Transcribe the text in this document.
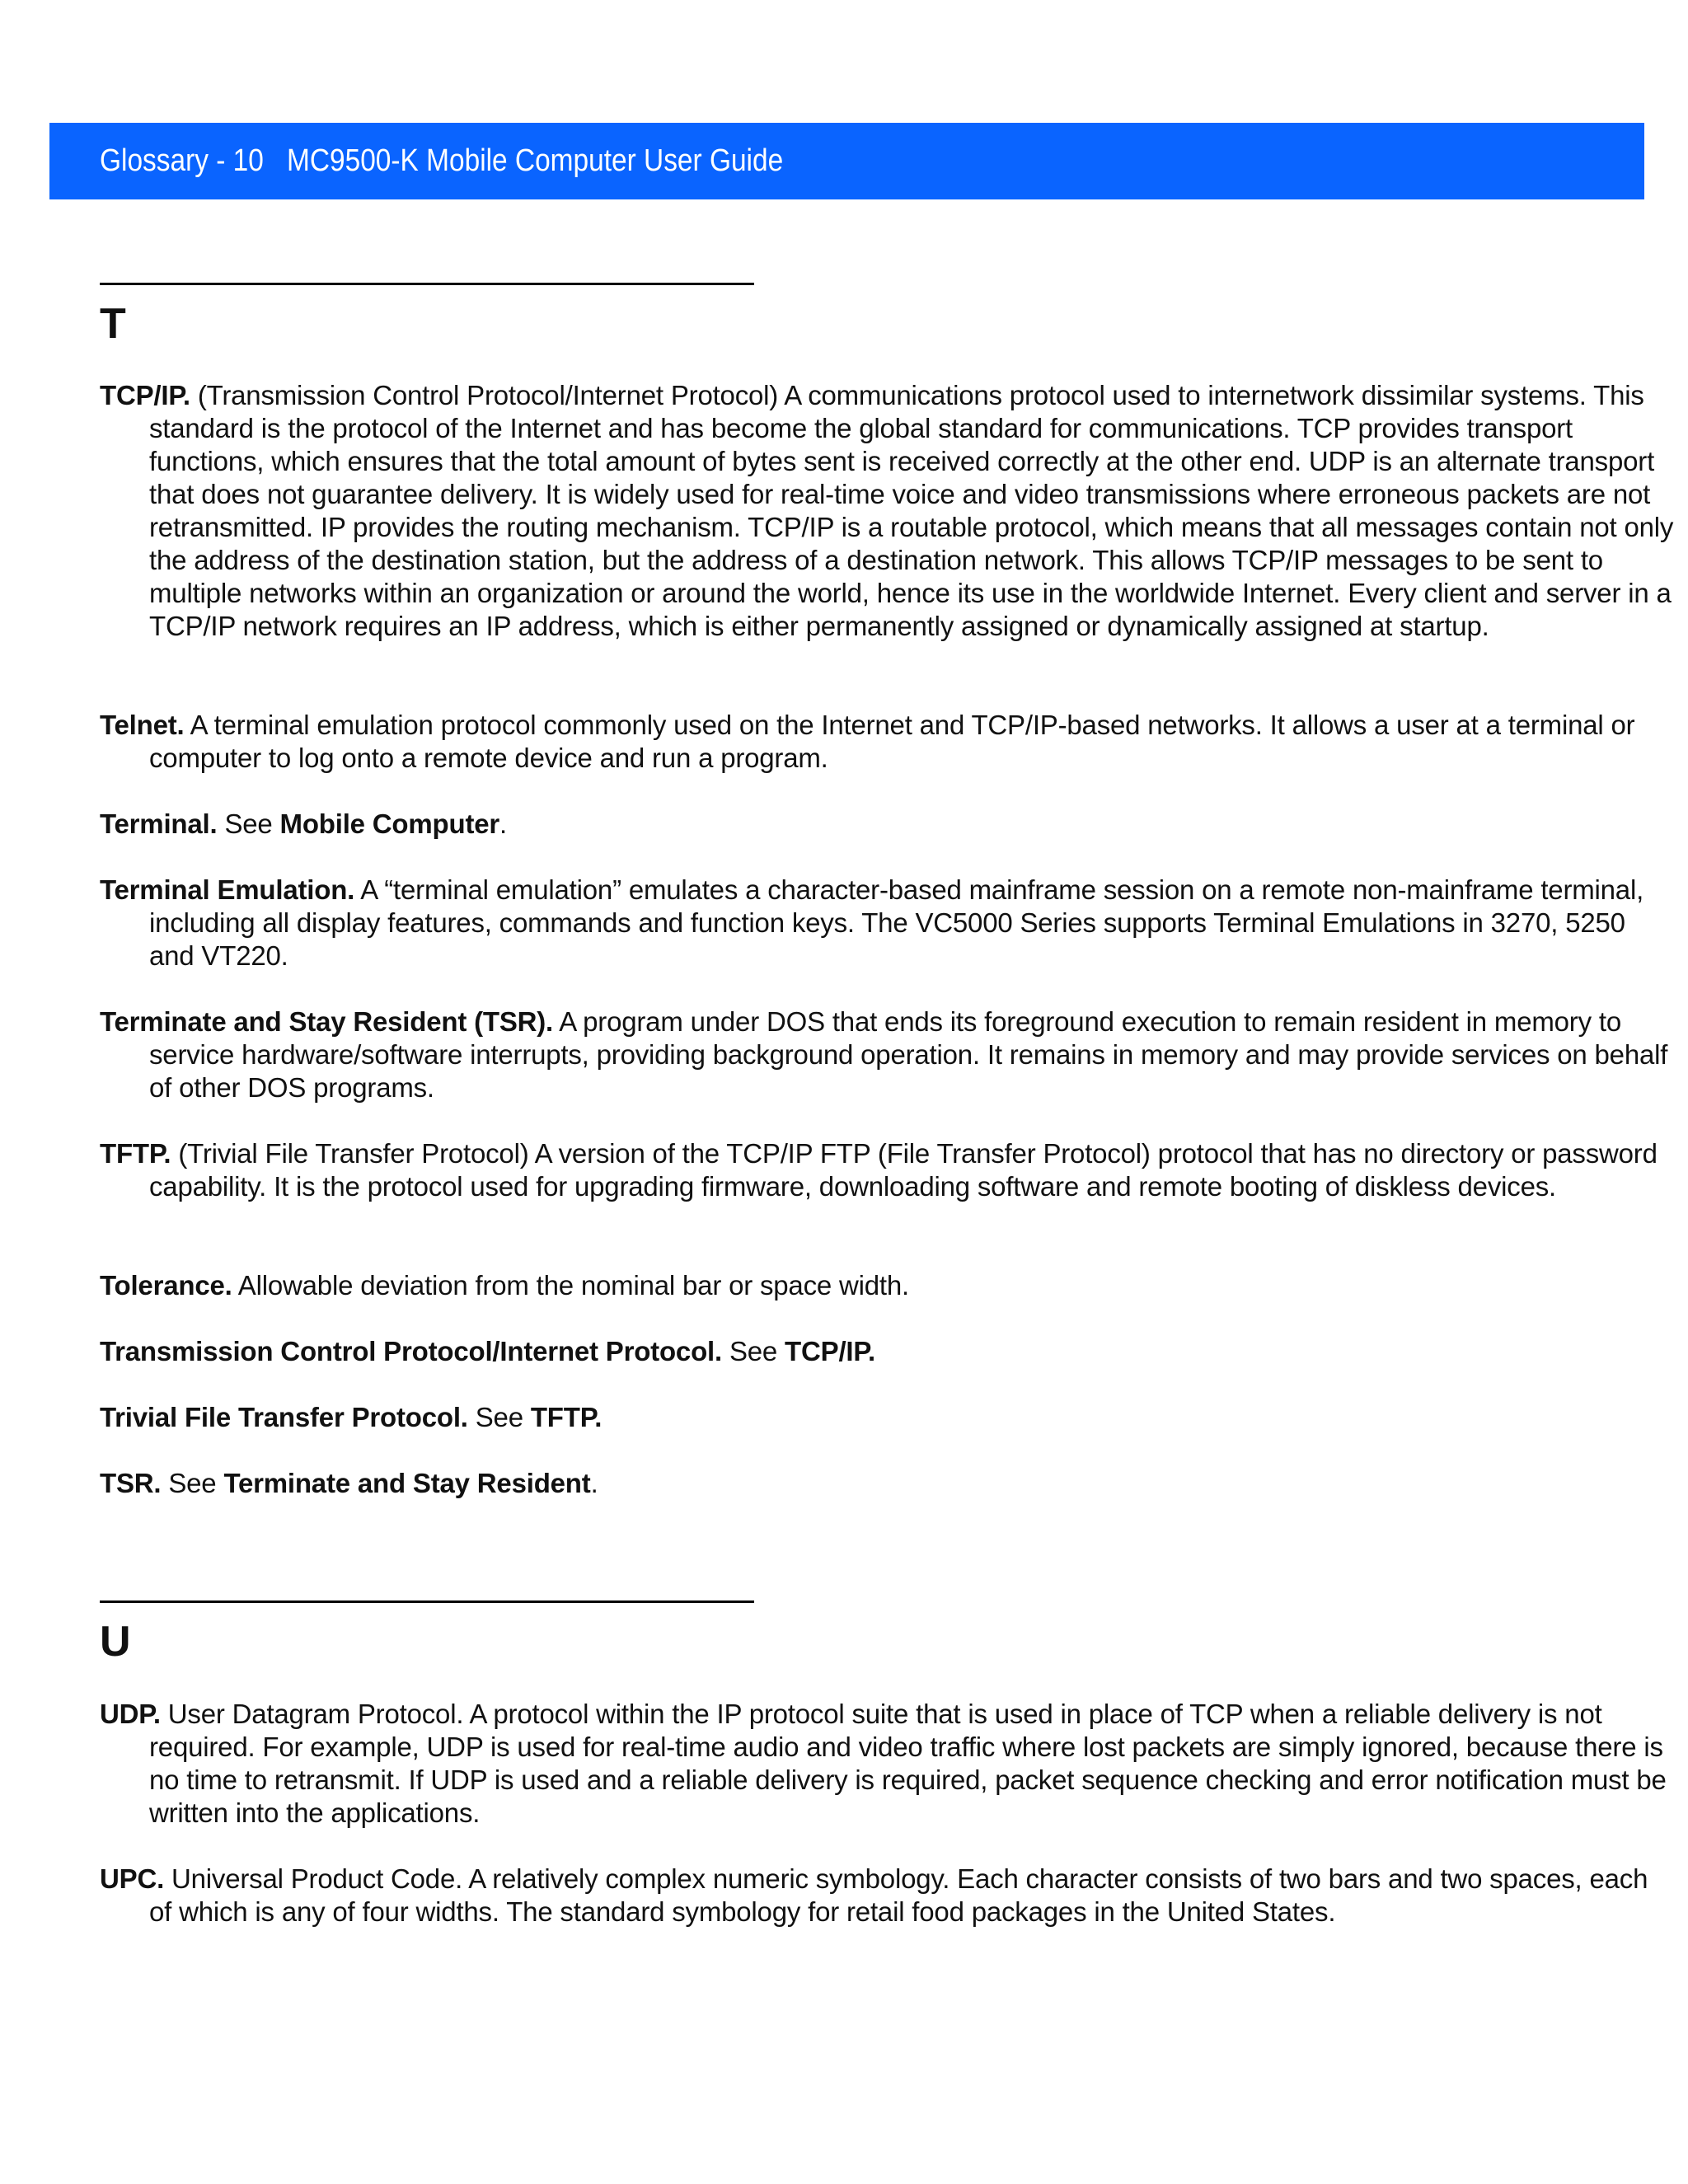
Glossary - 10 MC9500-K Mobile Computer User Guide
T
TCP/IP. (Transmission Control Protocol/Internet Protocol) A communications protocol used to internetwork dissimilar systems. This standard is the protocol of the Internet and has become the global standard for communications. TCP provides transport functions, which ensures that the total amount of bytes sent is received correctly at the other end. UDP is an alternate transport that does not guarantee delivery. It is widely used for real-time voice and video transmissions where erroneous packets are not retransmitted. IP provides the routing mechanism. TCP/IP is a routable protocol, which means that all messages contain not only the address of the destination station, but the address of a destination network. This allows TCP/IP messages to be sent to multiple networks within an organization or around the world, hence its use in the worldwide Internet. Every client and server in a TCP/IP network requires an IP address, which is either permanently assigned or dynamically assigned at startup.
Telnet. A terminal emulation protocol commonly used on the Internet and TCP/IP-based networks. It allows a user at a terminal or computer to log onto a remote device and run a program.
Terminal. See Mobile Computer.
Terminal Emulation. A “terminal emulation” emulates a character-based mainframe session on a remote non-mainframe terminal, including all display features, commands and function keys. The VC5000 Series supports Terminal Emulations in 3270, 5250 and VT220.
Terminate and Stay Resident (TSR). A program under DOS that ends its foreground execution to remain resident in memory to service hardware/software interrupts, providing background operation. It remains in memory and may provide services on behalf of other DOS programs.
TFTP. (Trivial File Transfer Protocol) A version of the TCP/IP FTP (File Transfer Protocol) protocol that has no directory or password capability. It is the protocol used for upgrading firmware, downloading software and remote booting of diskless devices.
Tolerance. Allowable deviation from the nominal bar or space width.
Transmission Control Protocol/Internet Protocol. See TCP/IP.
Trivial File Transfer Protocol. See TFTP.
TSR. See Terminate and Stay Resident.
U
UDP. User Datagram Protocol. A protocol within the IP protocol suite that is used in place of TCP when a reliable delivery is not required. For example, UDP is used for real-time audio and video traffic where lost packets are simply ignored, because there is no time to retransmit. If UDP is used and a reliable delivery is required, packet sequence checking and error notification must be written into the applications.
UPC. Universal Product Code. A relatively complex numeric symbology. Each character consists of two bars and two spaces, each of which is any of four widths. The standard symbology for retail food packages in the United States.
